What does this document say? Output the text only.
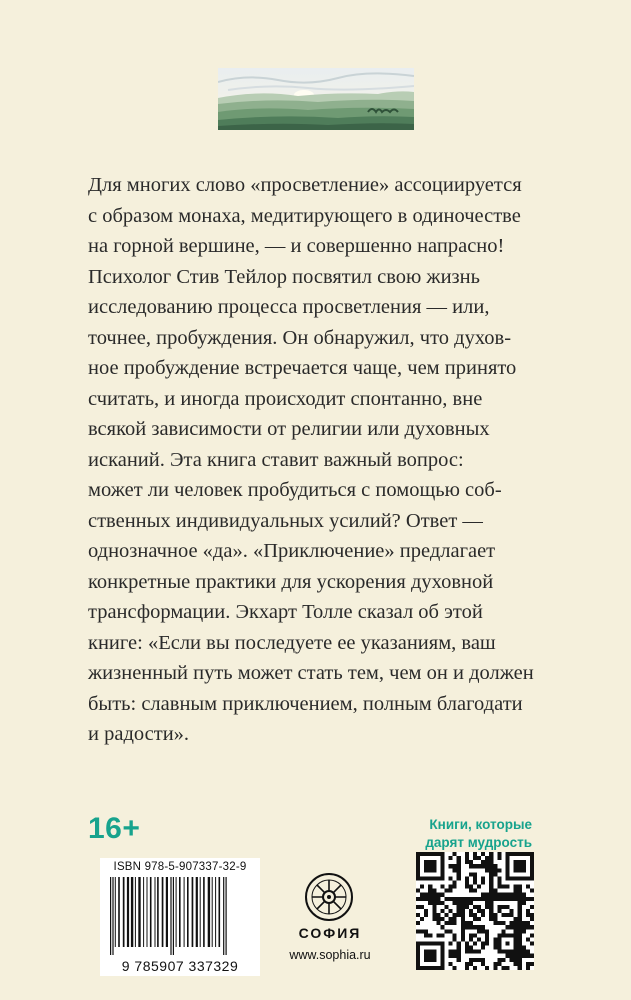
Для многих слово «просветление» ассоциируется

с образом монаха, медитирующего в одиночестве

на горной вершине, — и совершенно напрасно!

Психолог Стив Тейлор посвятил свою жизнь

исследованию процесса просветления — или,

точнее, пробуждения. Он обнаружил, что духов-

ное пробуждение встречается чаще, чем принято

считать, и иногда происходит спонтанно, вне

всякой зависимости от религии или духовных

исканий. Эта книга ставит важный вопрос:

может ли человек пробудиться с помощью соб-

ственных индивидуальных усилий? Ответ —

однозначное «да». «Приключение» предлагает

конкретные практики для ускорения духовной

трансформации. Экхарт Толле сказал об этой

книге: «Если вы последуете ее указаниям, ваш

жизненный путь может стать тем, чем он и должен

быть: славным приключением, полным благодати

и радости».

16+	Книги, которые
дарят мудрость
ISBN 978-5-907337-32-9
9 785907 337329
СОФИЯ
www.sophia.ru
